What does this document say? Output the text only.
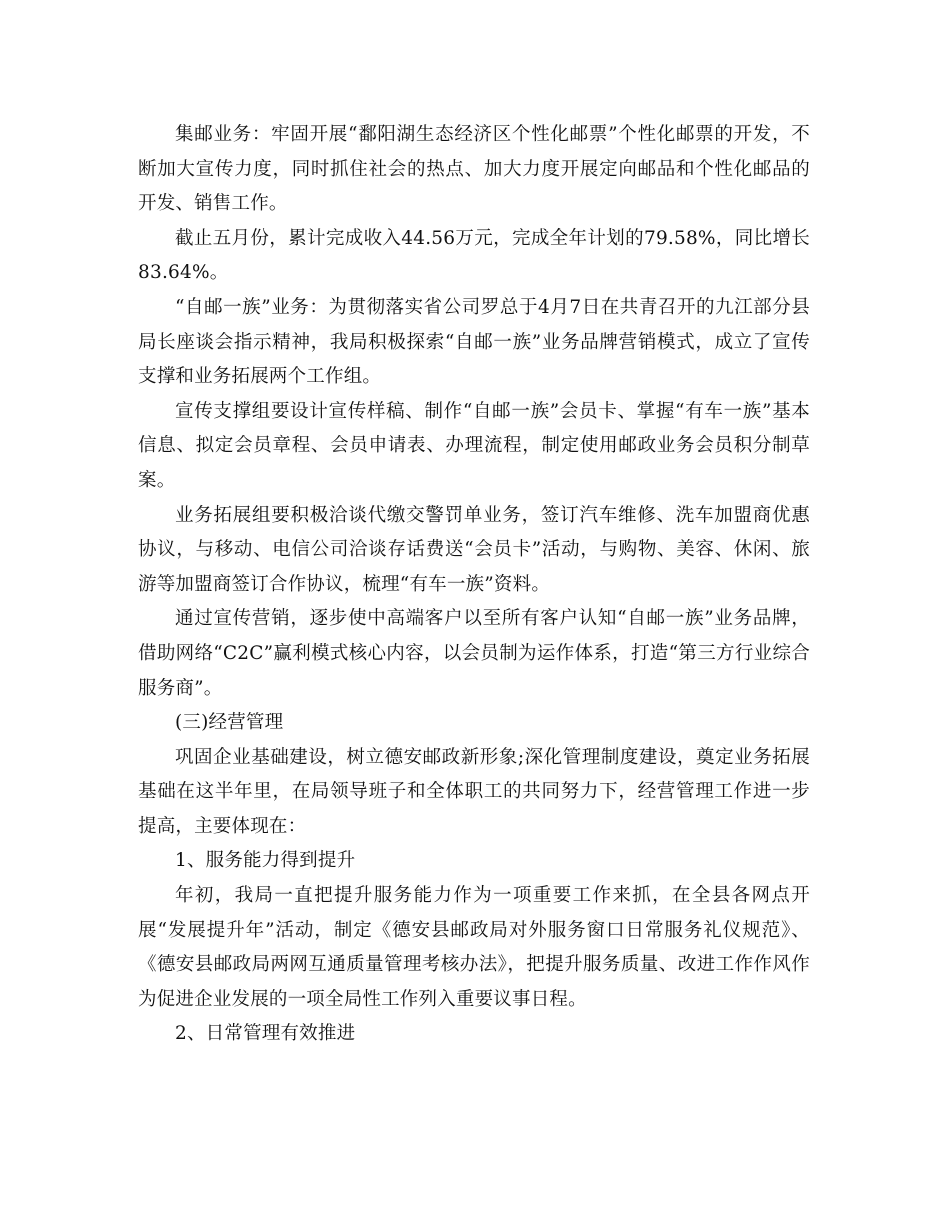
集邮业务：牢固开展“鄱阳湖生态经济区个性化邮票”个性化邮票的开发，不断加大宣传力度，同时抓住社会的热点、加大力度开展定向邮品和个性化邮品的开发、销售工作。

截止五月份，累计完成收入44.56万元，完成全年计划的79.58%，同比增长83.64%。

“自邮一族”业务：为贯彻落实省公司罗总于4月7日在共青召开的九江部分县局长座谈会指示精神，我局积极探索“自邮一族”业务品牌营销模式，成立了宣传支撑和业务拓展两个工作组。

宣传支撑组要设计宣传样稿、制作“自邮一族”会员卡、掌握“有车一族”基本信息、拟定会员章程、会员申请表、办理流程，制定使用邮政业务会员积分制草案。

业务拓展组要积极洽谈代缴交警罚单业务，签订汽车维修、洗车加盟商优惠协议，与移动、电信公司洽谈存话费送“会员卡”活动，与购物、美容、休闲、旅游等加盟商签订合作协议，梳理“有车一族”资料。

通过宣传营销，逐步使中高端客户以至所有客户认知“自邮一族”业务品牌，借助网络“C2C”赢利模式核心内容，以会员制为运作体系，打造“第三方行业综合服务商”。

(三)经营管理

巩固企业基础建设，树立德安邮政新形象;深化管理制度建设，奠定业务拓展基础在这半年里，在局领导班子和全体职工的共同努力下，经营管理工作进一步提高，主要体现在：

1、服务能力得到提升

年初，我局一直把提升服务能力作为一项重要工作来抓，在全县各网点开展“发展提升年”活动，制定《德安县邮政局对外服务窗口日常服务礼仪规范》、《德安县邮政局两网互通质量管理考核办法》，把提升服务质量、改进工作作风作为促进企业发展的一项全局性工作列入重要议事日程。

2、日常管理有效推进
